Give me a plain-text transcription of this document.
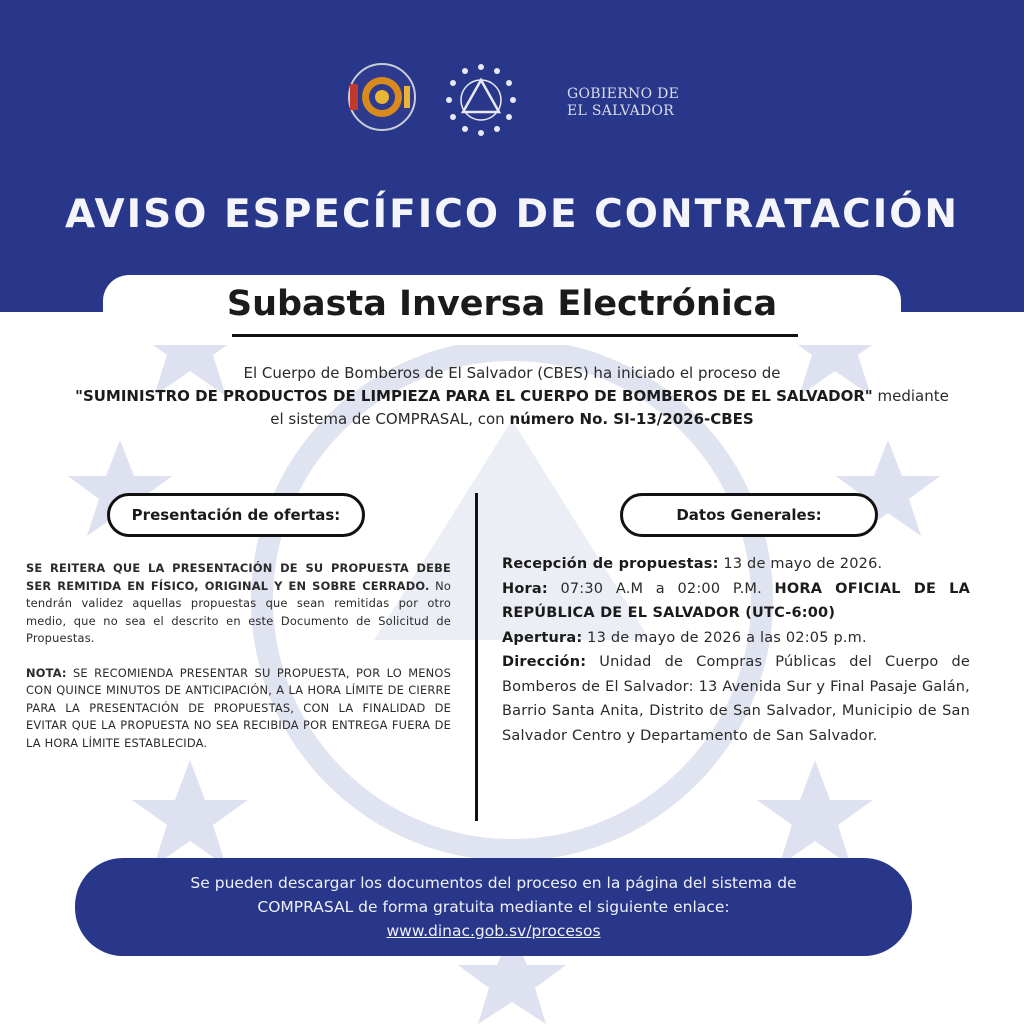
GOBIERNO DE
EL SALVADOR
AVISO ESPECÍFICO DE CONTRATACIÓN
Subasta Inversa Electrónica
El Cuerpo de Bomberos de El Salvador (CBES) ha iniciado el proceso de
"SUMINISTRO DE PRODUCTOS DE LIMPIEZA PARA EL CUERPO DE BOMBEROS DE EL SALVADOR" mediante
el sistema de COMPRASAL, con número No. SI-13/2026-CBES
Presentación de ofertas:	Datos Generales:

SE REITERA QUE LA PRESENTACIÓN DE SU PROPUESTA DEBE SER REMITIDA EN FÍSICO, ORIGINAL Y EN SOBRE CERRADO. No tendrán validez aquellas propuestas que sean remitidas por otro medio, que no sea el descrito en este Documento de Solicitud de Propuestas.

NOTA: SE RECOMIENDA PRESENTAR SU PROPUESTA, POR LO MENOS CON QUINCE MINUTOS DE ANTICIPACIÓN, A LA HORA LÍMITE DE CIERRE PARA LA PRESENTACIÓN DE PROPUESTAS, CON LA FINALIDAD DE EVITAR QUE LA PROPUESTA NO SEA RECIBIDA POR ENTREGA FUERA DE LA HORA LÍMITE ESTABLECIDA.

Recepción de propuestas: 13 de mayo de 2026.

Hora: 07:30 A.M a 02:00 P.M. HORA OFICIAL DE LA REPÚBLICA DE EL SALVADOR (UTC-6:00)

Apertura: 13 de mayo de 2026 a las 02:05 p.m.

Dirección: Unidad de Compras Públicas del Cuerpo de Bomberos de El Salvador: 13 Avenida Sur y Final Pasaje Galán, Barrio Santa Anita, Distrito de San Salvador, Municipio de San Salvador Centro y Departamento de San Salvador.

Se pueden descargar los documentos del proceso en la página del sistema de
COMPRASAL de forma gratuita mediante el siguiente enlace:
www.dinac.gob.sv/procesos
